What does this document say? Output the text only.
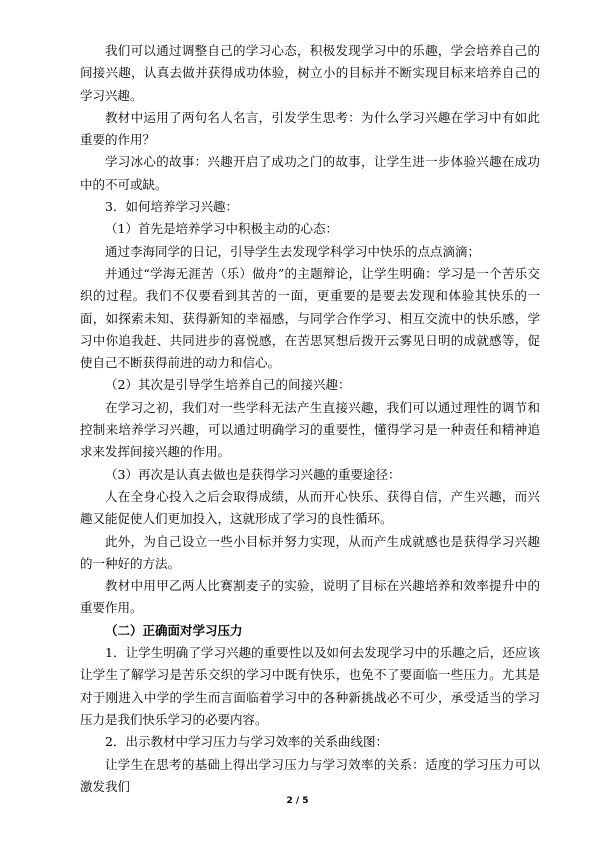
我们可以通过调整自己的学习心态，积极发现学习中的乐趣，学会培养自己的间接兴趣，认真去做并获得成功体验，树立小的目标并不断实现目标来培养自己的学习兴趣。

教材中运用了两句名人名言，引发学生思考：为什么学习兴趣在学习中有如此重要的作用？

学习冰心的故事：兴趣开启了成功之门的故事，让学生进一步体验兴趣在成功中的不可或缺。

3．如何培养学习兴趣：

（1）首先是培养学习中积极主动的心态：

通过李海同学的日记，引导学生去发现学科学习中快乐的点点滴滴；

并通过“学海无涯苦（乐）做舟”的主题辩论，让学生明确：学习是一个苦乐交织的过程。我们不仅要看到其苦的一面，更重要的是要去发现和体验其快乐的一面，如探索未知、获得新知的幸福感，与同学合作学习、相互交流中的快乐感，学习中你追我赶、共同进步的喜悦感，在苦思冥想后拨开云雾见日明的成就感等，促使自己不断获得前进的动力和信心。

（2）其次是引导学生培养自己的间接兴趣：

在学习之初，我们对一些学科无法产生直接兴趣，我们可以通过理性的调节和控制来培养学习兴趣，可以通过明确学习的重要性，懂得学习是一种责任和精神追求来发挥间接兴趣的作用。

（3）再次是认真去做也是获得学习兴趣的重要途径：

人在全身心投入之后会取得成绩，从而开心快乐、获得自信，产生兴趣，而兴趣又能促使人们更加投入，这就形成了学习的良性循环。

此外，为自己设立一些小目标并努力实现，从而产生成就感也是获得学习兴趣的一种好的方法。

教材中用甲乙两人比赛割麦子的实验，说明了目标在兴趣培养和效率提升中的重要作用。

（二）正确面对学习压力

1．让学生明确了学习兴趣的重要性以及如何去发现学习中的乐趣之后，还应该让学生了解学习是苦乐交织的学习中既有快乐，也免不了要面临一些压力。尤其是对于刚进入中学的学生而言面临着学习中的各种新挑战必不可少，承受适当的学习压力是我们快乐学习的必要内容。

2．出示教材中学习压力与学习效率的关系曲线图：

让学生在思考的基础上得出学习压力与学习效率的关系：适度的学习压力可以激发我们

2 / 5
